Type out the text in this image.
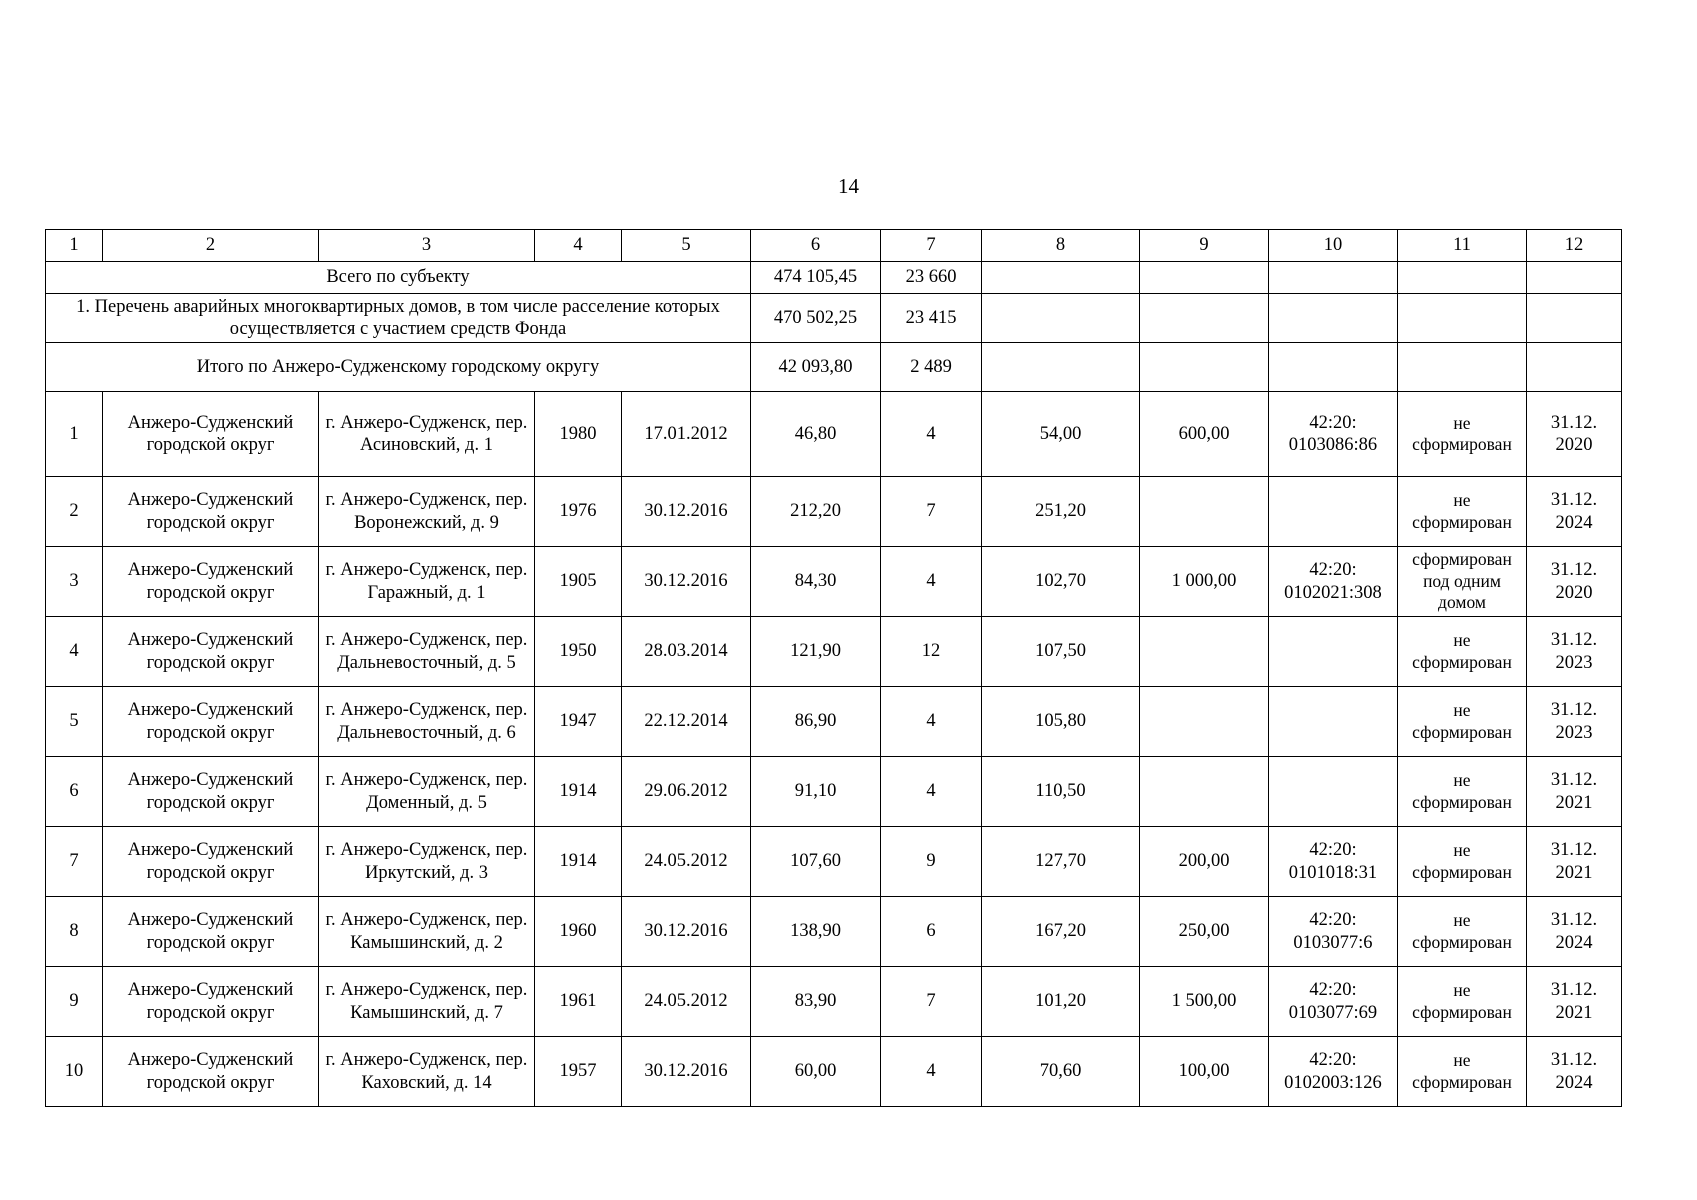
14
1	2	3	4	5	6	7	8	9	10	11	12
Всего по субъекту					474 105,45	23 660					
1. Перечень аварийных многоквартирных домов, в том числе расселение которых осуществляется с участием средств Фонда					470 502,25	23 415					
Итого по Анжеро-Судженскому городскому округу					42 093,80	2 489					
1	Анжеро-Судженский городской округ	г. Анжеро-Судженск, пер. Асиновский, д. 1	1980	17.01.2012	46,80	4	54,00	600,00	42:20: 0103086:86	не сформирован	31.12. 2020
2	Анжеро-Судженский городской округ	г. Анжеро-Судженск, пер. Воронежский, д. 9	1976	30.12.2016	212,20	7	251,20			не сформирован	31.12. 2024
3	Анжеро-Судженский городской округ	г. Анжеро-Судженск, пер. Гаражный, д. 1	1905	30.12.2016	84,30	4	102,70	1 000,00	42:20: 0102021:308	сформирован под одним домом	31.12. 2020
4	Анжеро-Судженский городской округ	г. Анжеро-Судженск, пер. Дальневосточный, д. 5	1950	28.03.2014	121,90	12	107,50			не сформирован	31.12. 2023
5	Анжеро-Судженский городской округ	г. Анжеро-Судженск, пер. Дальневосточный, д. 6	1947	22.12.2014	86,90	4	105,80			не сформирован	31.12. 2023
6	Анжеро-Судженский городской округ	г. Анжеро-Судженск, пер. Доменный, д. 5	1914	29.06.2012	91,10	4	110,50			не сформирован	31.12. 2021
7	Анжеро-Судженский городской округ	г. Анжеро-Судженск, пер. Иркутский, д. 3	1914	24.05.2012	107,60	9	127,70	200,00	42:20: 0101018:31	не сформирован	31.12. 2021
8	Анжеро-Судженский городской округ	г. Анжеро-Судженск, пер. Камышинский, д. 2	1960	30.12.2016	138,90	6	167,20	250,00	42:20: 0103077:6	не сформирован	31.12. 2024
9	Анжеро-Судженский городской округ	г. Анжеро-Судженск, пер. Камышинский, д. 7	1961	24.05.2012	83,90	7	101,20	1 500,00	42:20: 0103077:69	не сформирован	31.12. 2021
10	Анжеро-Судженский городской округ	г. Анжеро-Судженск, пер. Каховский, д. 14	1957	30.12.2016	60,00	4	70,60	100,00	42:20: 0102003:126	не сформирован	31.12. 2024
